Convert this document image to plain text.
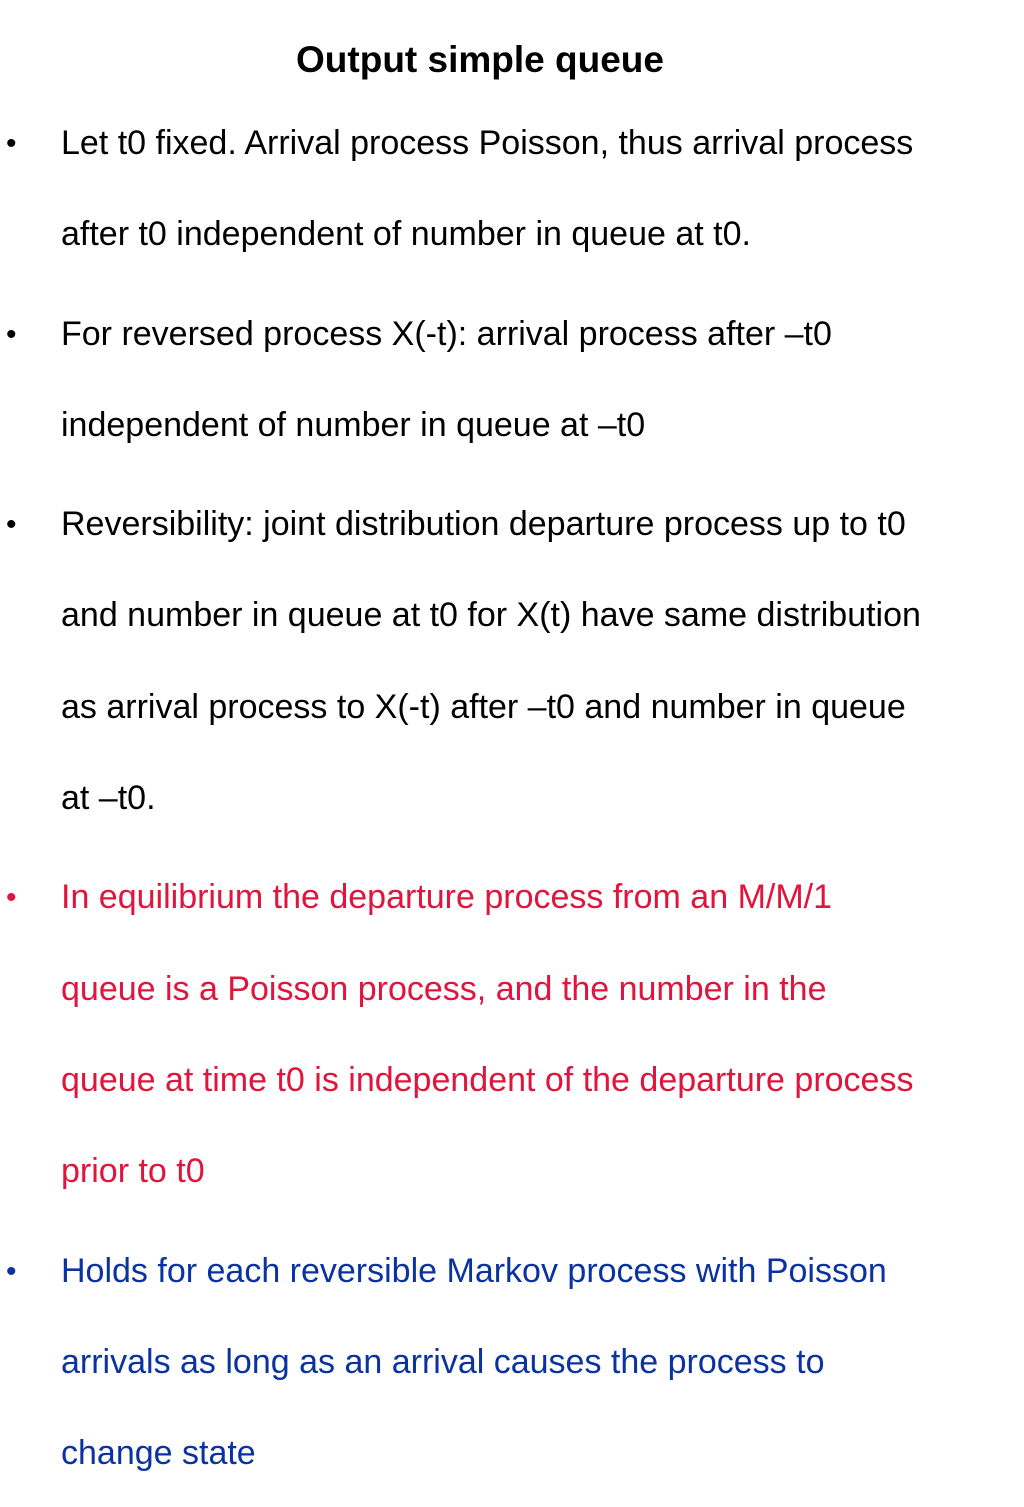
Output simple queue
• Let t0 fixed. Arrival process Poisson, thus arrival process
after t0 independent of number in queue at t0.
• For reversed process X(-t): arrival process after –t0
independent of number in queue at –t0
• Reversibility: joint distribution departure process up to t0
and number in queue at t0 for X(t) have same distribution
as arrival process to X(-t) after –t0 and number in queue
at –t0.
• In equilibrium the departure process from an M/M/1
queue is a Poisson process, and the number in the
queue at time t0 is independent of the departure process
prior to t0
• Holds for each reversible Markov process with Poisson
arrivals as long as an arrival causes the process to
change state
